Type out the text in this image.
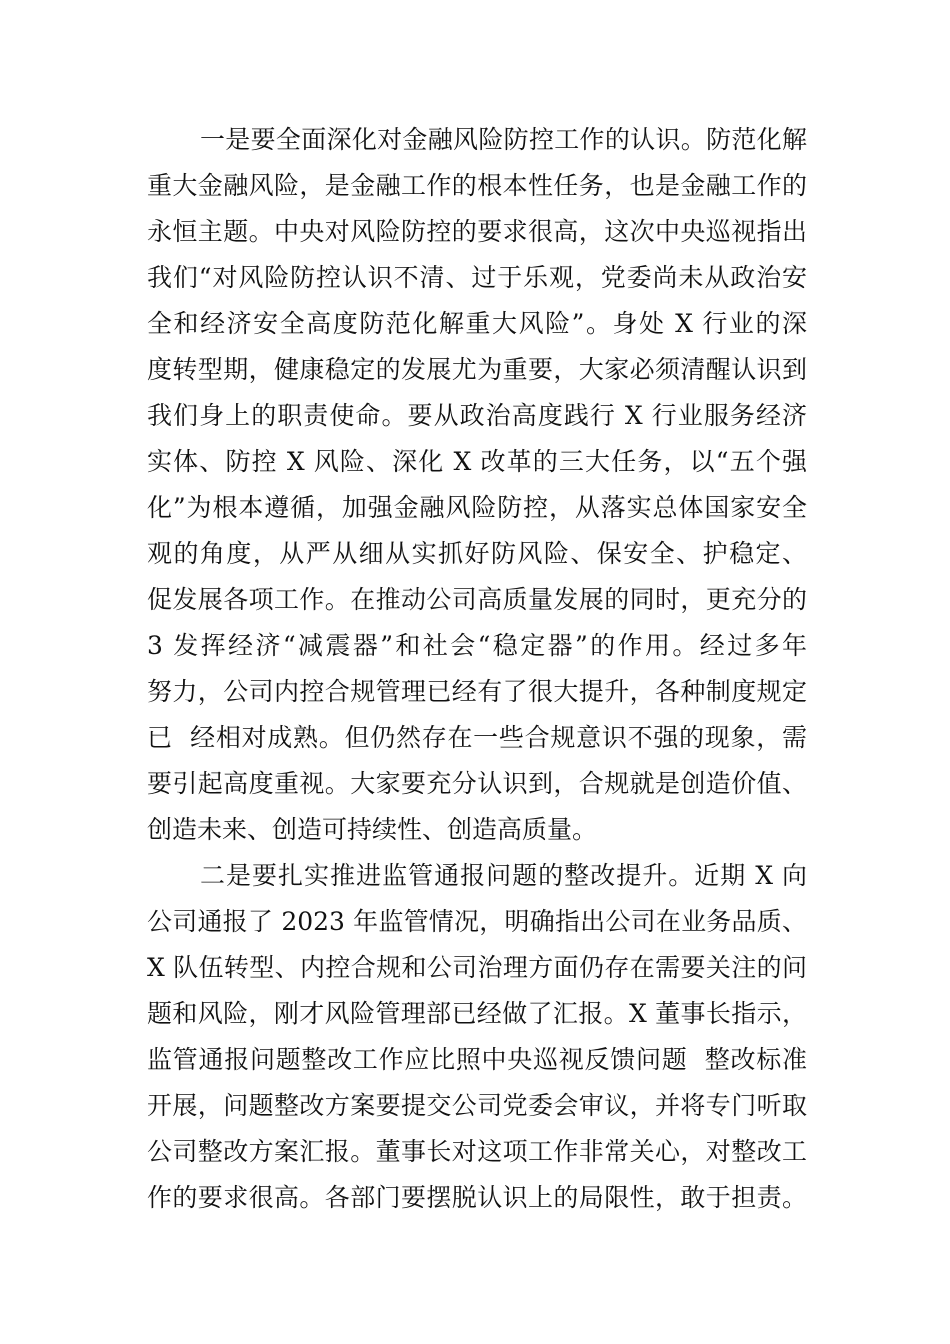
一是要全面深化对金融风险防控工作的认识。防范化解

重大金融风险，是金融工作的根本性任务，也是金融工作的

永恒主题。中央对风险防控的要求很高，这次中央巡视指出

我们“对风险防控认识不清、过于乐观，党委尚未从政治安

全和经济安全高度防范化解重大风险”。身处 X 行业的深

度转型期，健康稳定的发展尤为重要，大家必须清醒认识到

我们身上的职责使命。要从政治高度践行 X 行业服务经济

实体、防控 X 风险、深化 X 改革的三大任务，以“五个强

化”为根本遵循，加强金融风险防控，从落实总体国家安全

观的角度，从严从细从实抓好防风险、保安全、护稳定、

促发展各项工作。在推动公司高质量发展的同时，更充分的

3 发挥经济“减震器”和社会“稳定器”的作用。经过多年

努力，公司内控合规管理已经有了很大提升，各种制度规定

已  经相对成熟。但仍然存在一些合规意识不强的现象，需

要引起高度重视。大家要充分认识到，合规就是创造价值、

创造未来、创造可持续性、创造高质量。

二是要扎实推进监管通报问题的整改提升。近期 X 向

公司通报了 2023 年监管情况，明确指出公司在业务品质、

X 队伍转型、内控合规和公司治理方面仍存在需要关注的问

题和风险，刚才风险管理部已经做了汇报。X 董事长指示，

监管通报问题整改工作应比照中央巡视反馈问题  整改标准

开展，问题整改方案要提交公司党委会审议，并将专门听取

公司整改方案汇报。董事长对这项工作非常关心，对整改工

作的要求很高。各部门要摆脱认识上的局限性，敢于担责。
